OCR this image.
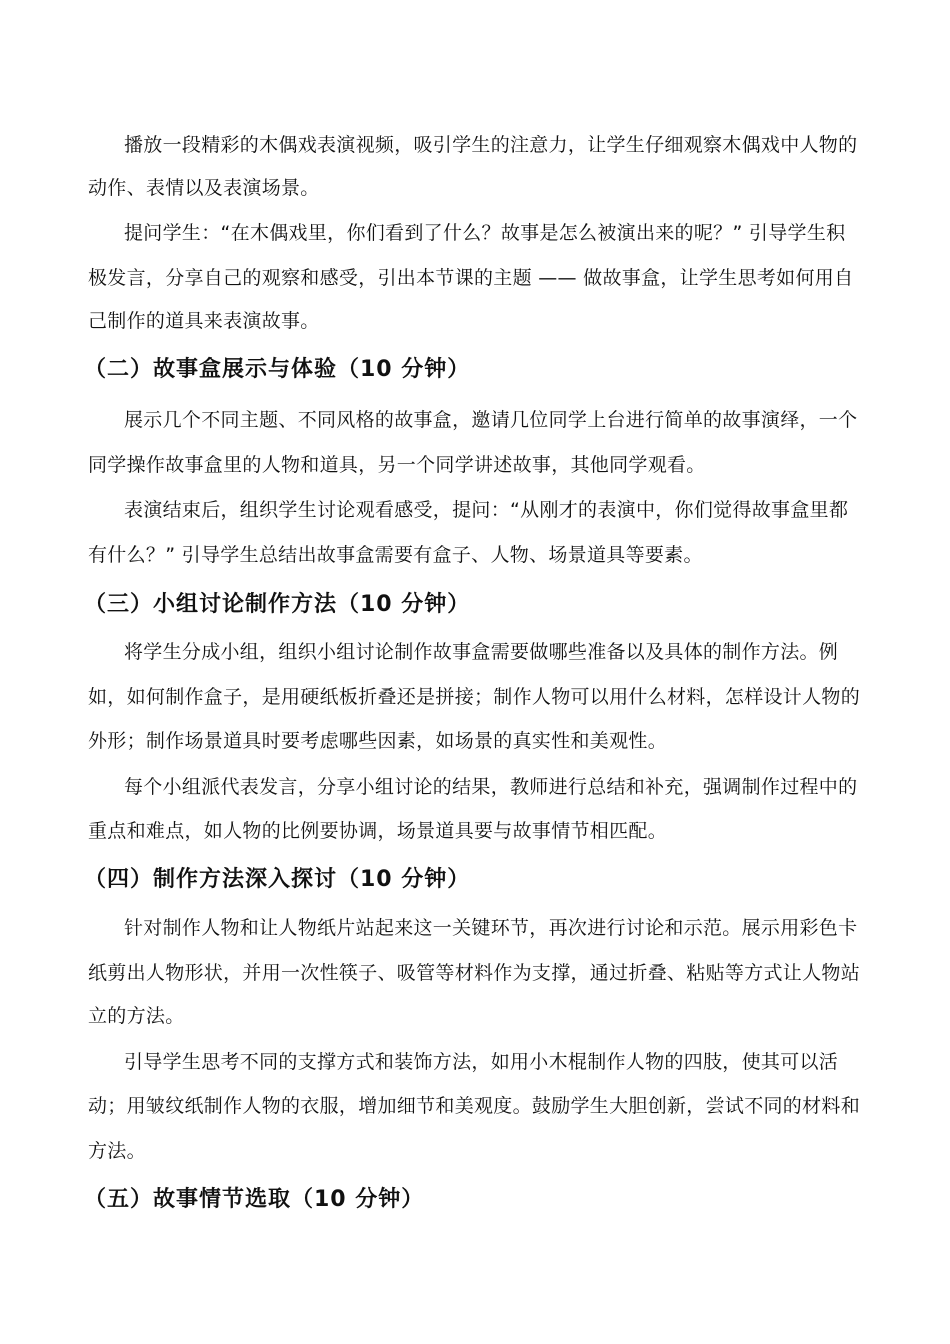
播放一段精彩的木偶戏表演视频，吸引学生的注意力，让学生仔细观察木偶戏中人物的
动作、表情以及表演场景。
提问学生：“在木偶戏里，你们看到了什么？故事是怎么被演出来的呢？” 引导学生积
极发言，分享自己的观察和感受，引出本节课的主题 —— 做故事盒，让学生思考如何用自
己制作的道具来表演故事。
（二）故事盒展示与体验（10 分钟）
展示几个不同主题、不同风格的故事盒，邀请几位同学上台进行简单的故事演绎，一个
同学操作故事盒里的人物和道具，另一个同学讲述故事，其他同学观看。
表演结束后，组织学生讨论观看感受，提问：“从刚才的表演中，你们觉得故事盒里都
有什么？” 引导学生总结出故事盒需要有盒子、人物、场景道具等要素。
（三）小组讨论制作方法（10 分钟）
将学生分成小组，组织小组讨论制作故事盒需要做哪些准备以及具体的制作方法。例
如，如何制作盒子，是用硬纸板折叠还是拼接；制作人物可以用什么材料，怎样设计人物的
外形；制作场景道具时要考虑哪些因素，如场景的真实性和美观性。
每个小组派代表发言，分享小组讨论的结果，教师进行总结和补充，强调制作过程中的
重点和难点，如人物的比例要协调，场景道具要与故事情节相匹配。
（四）制作方法深入探讨（10 分钟）
针对制作人物和让人物纸片站起来这一关键环节，再次进行讨论和示范。展示用彩色卡
纸剪出人物形状，并用一次性筷子、吸管等材料作为支撑，通过折叠、粘贴等方式让人物站
立的方法。
引导学生思考不同的支撑方式和装饰方法，如用小木棍制作人物的四肢，使其可以活
动；用皱纹纸制作人物的衣服，增加细节和美观度。鼓励学生大胆创新，尝试不同的材料和
方法。
（五）故事情节选取（10 分钟）
